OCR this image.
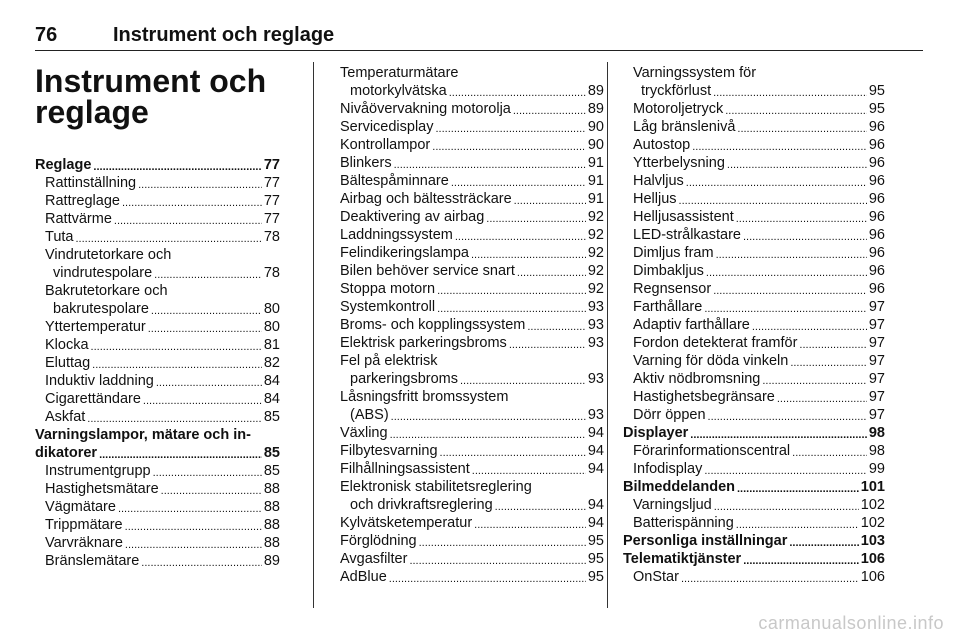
76	Instrument och reglage
Instrument och
reglage
Reglage .....	77
Rattinställning .....	77
Rattreglage .....	77
Rattvärme .....	77
Tuta .....	78
Vindrutetorkare och
vindrutespolare .....	78
Bakrutetorkare och
bakrutespolare .....	80
Yttertemperatur .....	80
Klocka .....	81
Eluttag .....	82
Induktiv laddning .....	84
Cigarettändare .....	84
Askfat .....	85
Varningslampor, mätare och in-
dikatorer .....	85
Instrumentgrupp .....	85
Hastighetsmätare .....	88
Vägmätare .....	88
Trippmätare .....	88
Varvräknare .....	88
Bränslemätare .....	89
Temperaturmätare
motorkylvätska .....	89
Nivåövervakning motorolja .....	89
Servicedisplay .....	90
Kontrollampor .....	90
Blinkers .....	91
Bältespåminnare .....	91
Airbag och bältessträckare .....	91
Deaktivering av airbag .....	92
Laddningssystem .....	92
Felindikeringslampa .....	92
Bilen behöver service snart .....	92
Stoppa motorn .....	92
Systemkontroll .....	93
Broms- och kopplingssystem .....	93
Elektrisk parkeringsbroms .....	93
Fel på elektrisk
parkeringsbroms .....	93
Låsningsfritt bromssystem
(ABS) .....	93
Växling .....	94
Filbytesvarning .....	94
Filhållningsassistent .....	94
Elektronisk stabilitetsreglering
och drivkraftsreglering .....	94
Kylvätsketemperatur .....	94
Förglödning .....	95
Avgasfilter .....	95
AdBlue .....	95
Varningssystem för
tryckförlust .....	95
Motoroljetryck .....	95
Låg bränslenivå .....	96
Autostop .....	96
Ytterbelysning .....	96
Halvljus .....	96
Helljus .....	96
Helljusassistent .....	96
LED-strålkastare .....	96
Dimljus fram .....	96
Dimbakljus .....	96
Regnsensor .....	96
Farthållare .....	97
Adaptiv farthållare .....	97
Fordon detekterat framför .....	97
Varning för döda vinkeln .....	97
Aktiv nödbromsning .....	97
Hastighetsbegränsare .....	97
Dörr öppen .....	97
Displayer .....	98
Förarinformationscentral .....	98
Infodisplay .....	99
Bilmeddelanden .....	101
Varningsljud .....	102
Batterispänning .....	102
Personliga inställningar .....	103
Telematiktjänster .....	106
OnStar .....	106
carmanualsonline.info
